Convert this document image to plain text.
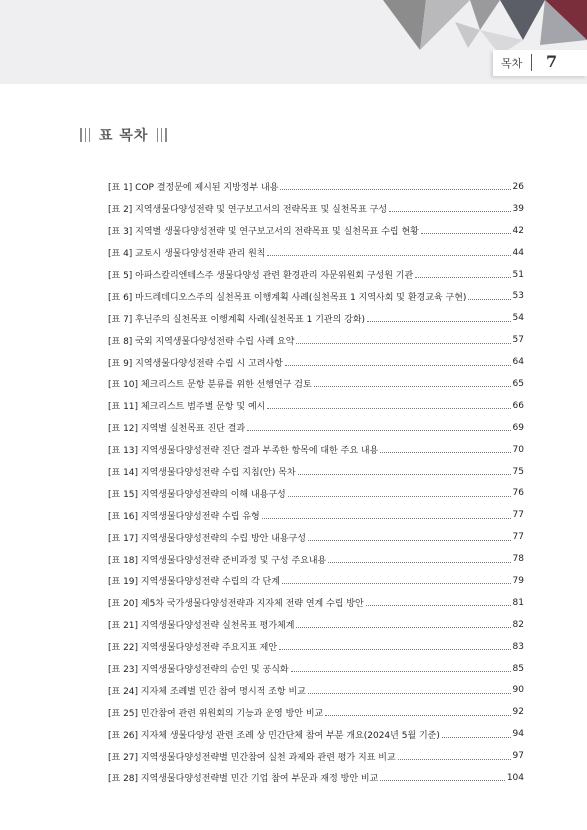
목차 7
표 목차
[표 1] COP 결정문에 제시된 지방정부 내용	26
[표 2] 지역생물다양성전략 및 연구보고서의 전략목표 및 실천목표 구성	39
[표 3] 지역별 생물다양성전략 및 연구보고서의 전략목표 및 실천목표 수립 현황	42
[표 4] 교토시 생물다양성전략 관리 원칙	44
[표 5] 아파스칼리엔테스주 생물다양성 관련 환경관리 자문위원회 구성원 기관	51
[표 6] 마드레데디오스주의 실천목표 이행계획 사례(실천목표 1 지역사회 및 환경교육 구현)	53
[표 7] 후닌주의 실천목표 이행계획 사례(실천목표 1 기관의 강화)	54
[표 8] 국외 지역생물다양성전략 수립 사례 요약	57
[표 9] 지역생물다양성전략 수립 시 고려사항	64
[표 10] 체크리스트 문항 분류를 위한 선행연구 검토	65
[표 11] 체크리스트 범주별 문항 및 예시	66
[표 12] 지역별 실천목표 진단 결과	69
[표 13] 지역생물다양성전략 진단 결과 부족한 항목에 대한 주요 내용	70
[표 14] 지역생물다양성전략 수립 지침(안) 목차	75
[표 15] 지역생물다양성전략의 이해 내용구성	76
[표 16] 지역생물다양성전략 수립 유형	77
[표 17] 지역생물다양성전략의 수립 방안 내용구성	77
[표 18] 지역생물다양성전략 준비과정 및 구성 주요내용	78
[표 19] 지역생물다양성전략 수립의 각 단계	79
[표 20] 제5차 국가생물다양성전략과 지자체 전략 연계 수립 방안	81
[표 21] 지역생물다양성전략 실천목표 평가체계	82
[표 22] 지역생물다양성전략 주요지표 제안	83
[표 23] 지역생물다양성전략의 승인 및 공식화	85
[표 24] 지자체 조례별 민간 참여 명시적 조항 비교	90
[표 25] 민간참여 관련 위원회의 기능과 운영 방안 비교	92
[표 26] 지자체 생물다양성 관련 조례 상 민간단체 참여 부분 개요(2024년 5월 기준)	94
[표 27] 지역생물다양성전략별 민간참여 실천 과제와 관련 평가 지표 비교	97
[표 28] 지역생물다양성전략별 민간 기업 참여 부문과 재정 방안 비교	104
